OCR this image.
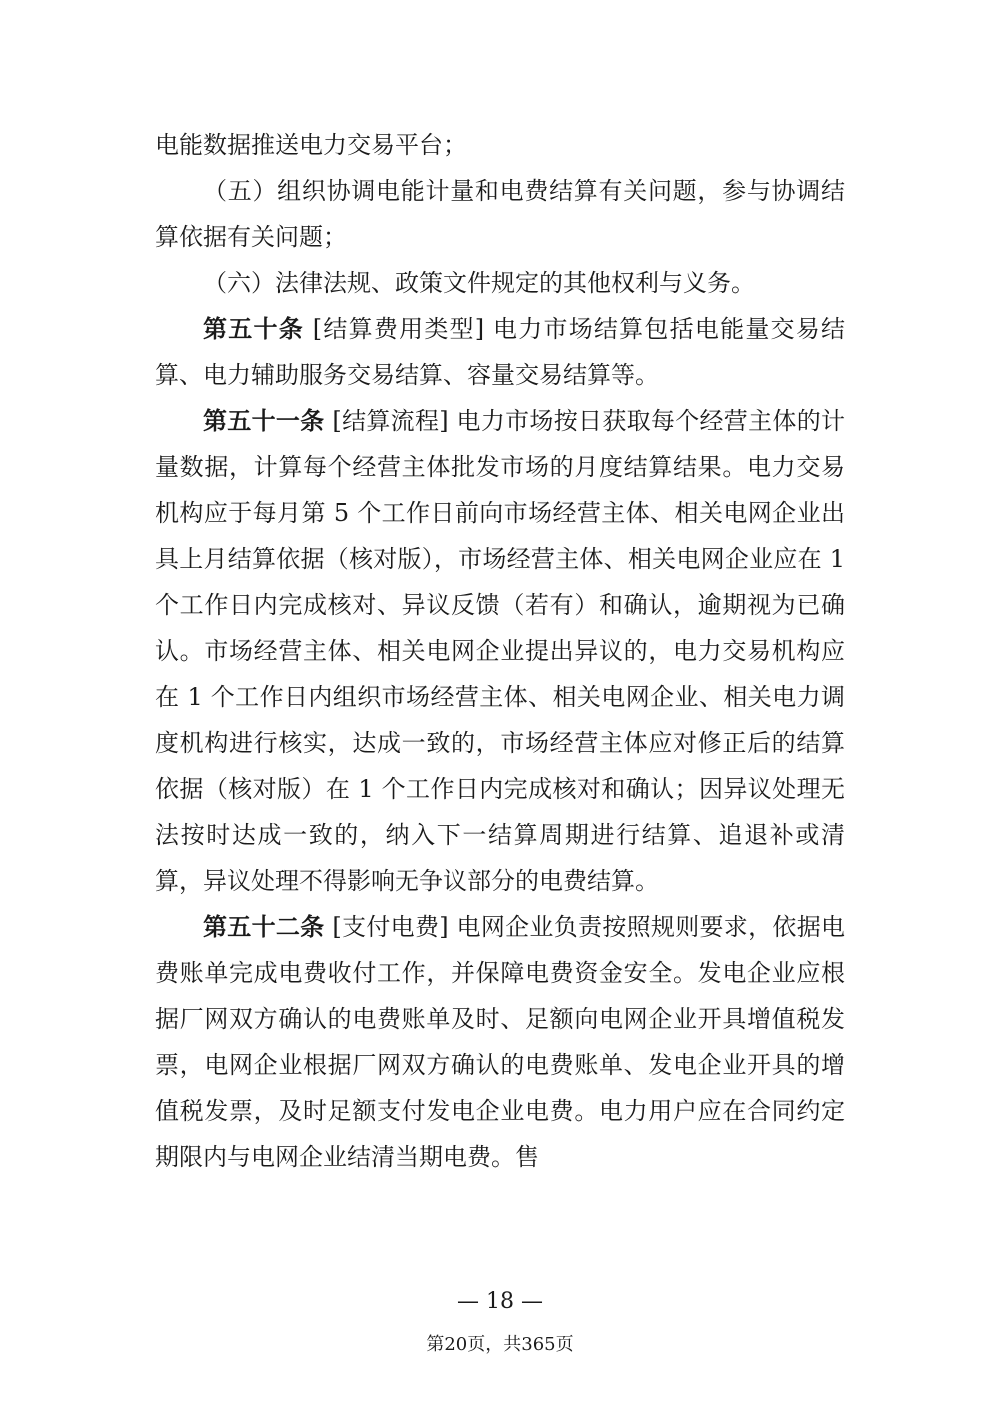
电能数据推送电力交易平台；

（五）组织协调电能计量和电费结算有关问题，参与协调结算依据有关问题；

（六）法律法规、政策文件规定的其他权利与义务。

第五十条 [结算费用类型] 电力市场结算包括电能量交易结算、电力辅助服务交易结算、容量交易结算等。

第五十一条 [结算流程] 电力市场按日获取每个经营主体的计量数据，计算每个经营主体批发市场的月度结算结果。电力交易机构应于每月第 5 个工作日前向市场经营主体、相关电网企业出具上月结算依据（核对版），市场经营主体、相关电网企业应在 1 个工作日内完成核对、异议反馈（若有）和确认，逾期视为已确认。市场经营主体、相关电网企业提出异议的，电力交易机构应在 1 个工作日内组织市场经营主体、相关电网企业、相关电力调度机构进行核实，达成一致的，市场经营主体应对修正后的结算依据（核对版）在 1 个工作日内完成核对和确认；因异议处理无法按时达成一致的，纳入下一结算周期进行结算、追退补或清算，异议处理不得影响无争议部分的电费结算。

第五十二条 [支付电费] 电网企业负责按照规则要求，依据电费账单完成电费收付工作，并保障电费资金安全。发电企业应根据厂网双方确认的电费账单及时、足额向电网企业开具增值税发票，电网企业根据厂网双方确认的电费账单、发电企业开具的增值税发票，及时足额支付发电企业电费。电力用户应在合同约定期限内与电网企业结清当期电费。售

— 18 —
第20页，共365页
